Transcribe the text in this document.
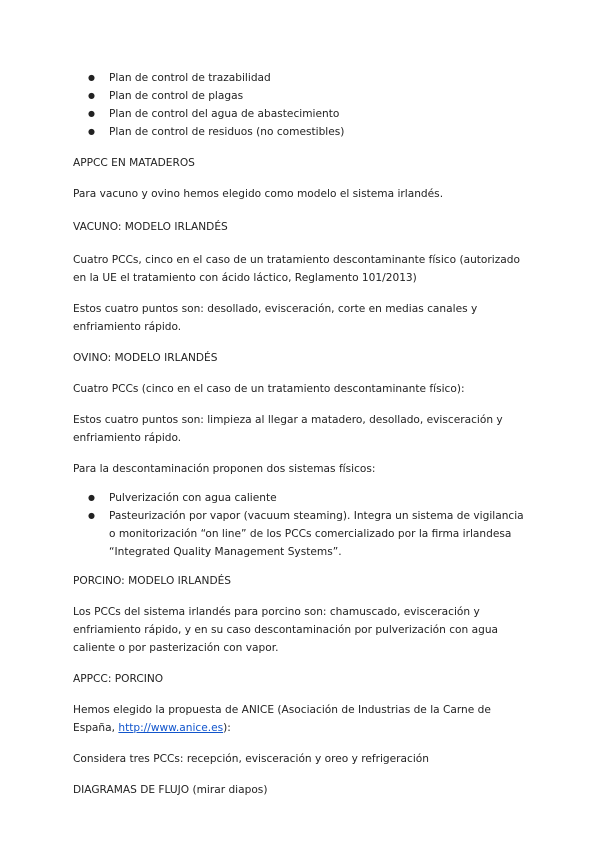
● Plan de control de trazabilidad
● Plan de control de plagas
● Plan de control del agua de abastecimiento
● Plan de control de residuos (no comestibles)

APPCC EN MATADEROS

Para vacuno y ovino hemos elegido como modelo el sistema irlandés.

VACUNO: MODELO IRLANDÉS

Cuatro PCCs, cinco en el caso de un tratamiento descontaminante físico (autorizado en la UE el tratamiento con ácido láctico, Reglamento 101/2013)

Estos cuatro puntos son: desollado, evisceración, corte en medias canales y enfriamiento rápido.

OVINO: MODELO IRLANDÉS

Cuatro PCCs (cinco en el caso de un tratamiento descontaminante físico):

Estos cuatro puntos son: limpieza al llegar a matadero, desollado, evisceración y enfriamiento rápido.

Para la descontaminación proponen dos sistemas físicos:

● Pulverización con agua caliente
● Pasteurización por vapor (vacuum steaming). Integra un sistema de vigilancia o monitorización “on line” de los PCCs comercializado por la firma irlandesa “Integrated Quality Management Systems”.

PORCINO: MODELO IRLANDÉS

Los PCCs del sistema irlandés para porcino son: chamuscado, evisceración y enfriamiento rápido, y en su caso descontaminación por pulverización con agua caliente o por pasterización con vapor.

APPCC: PORCINO

Hemos elegido la propuesta de ANICE (Asociación de Industrias de la Carne de España, http://www.anice.es):

Considera tres PCCs: recepción, evisceración y oreo y refrigeración

DIAGRAMAS DE FLUJO (mirar diapos)
